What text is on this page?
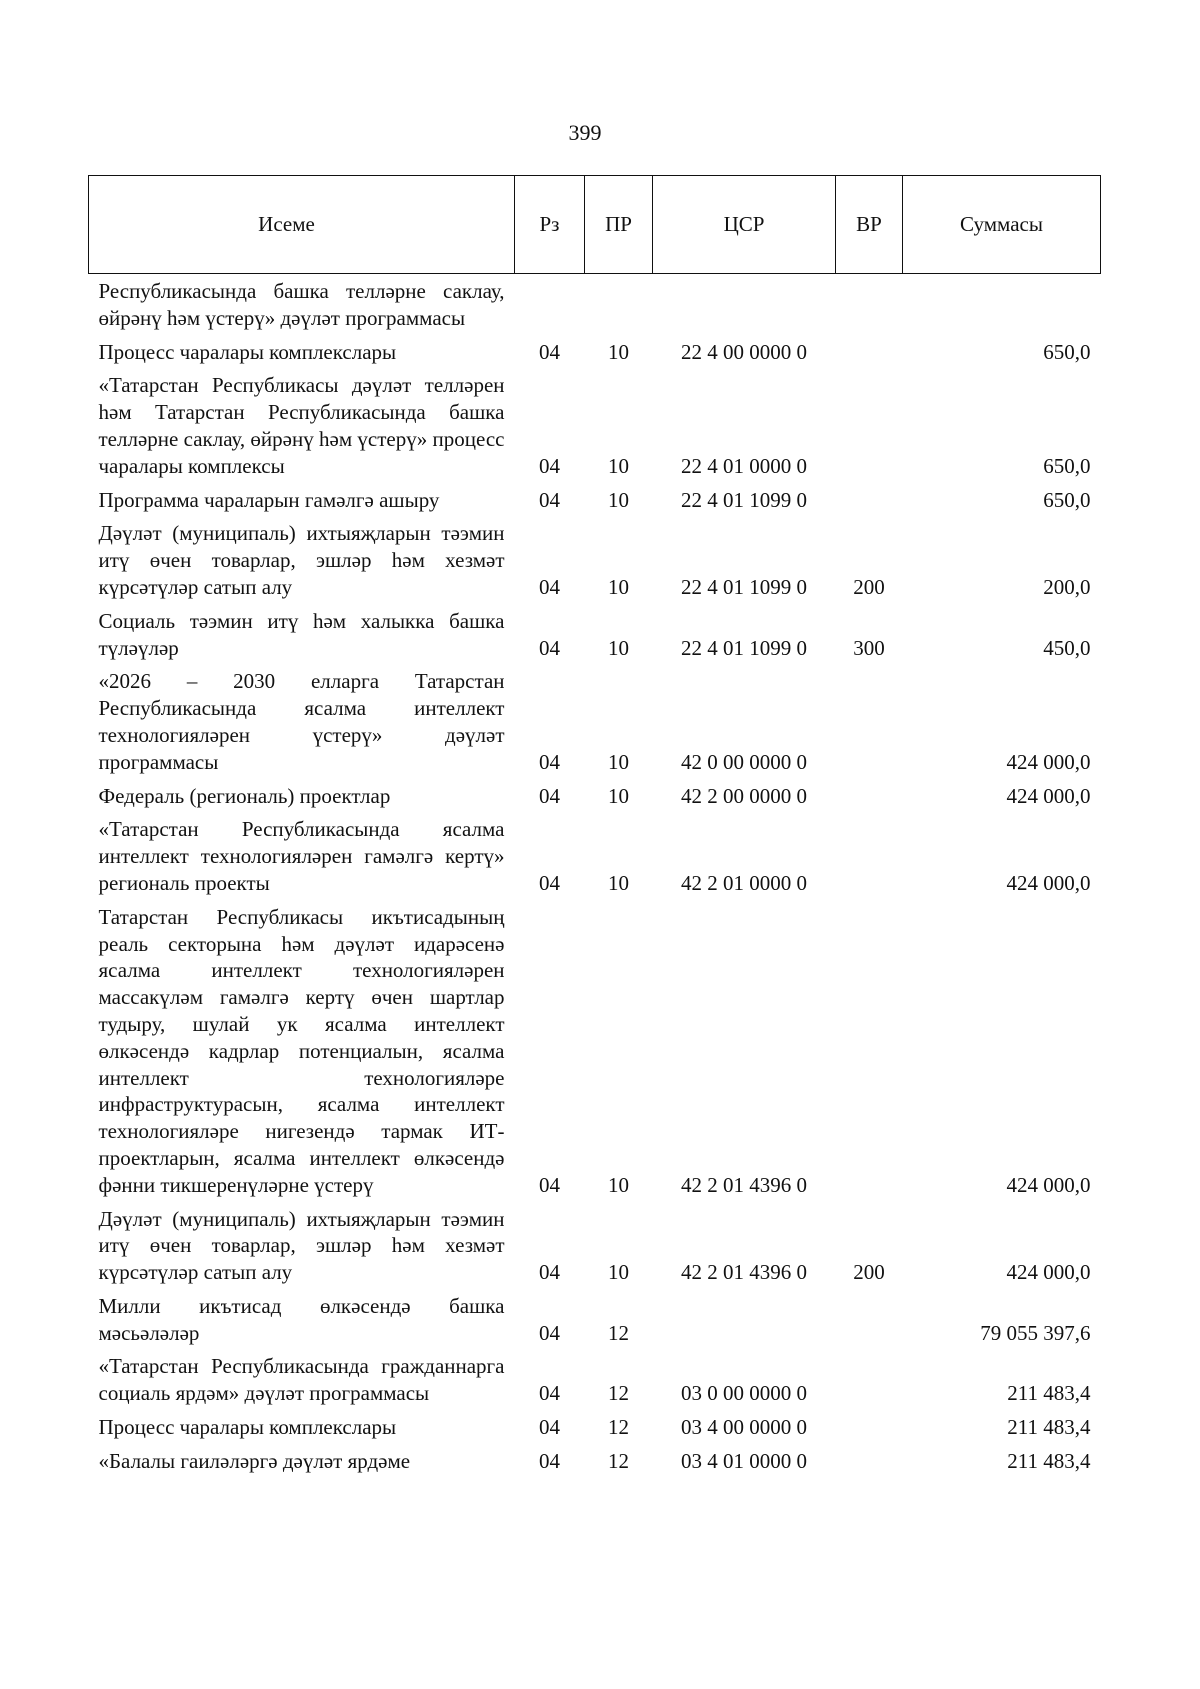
399
Исеме	Рз	ПР	ЦСР	ВР	Суммасы
Республикасында башка телләрне саклау, өйрәнү һәм үстерү» дәүләт программасы					
Процесс чаралары комплекслары	04	10	22 4 00 0000 0		650,0
«Татарстан Республикасы дәүләт телләрен һәм Татарстан Республикасында башка телләрне саклау, өйрәнү һәм үстерү» процесс чаралары комплексы	04	10	22 4 01 0000 0		650,0
Программа чараларын гамәлгә ашыру	04	10	22 4 01 1099 0		650,0
Дәүләт (муниципаль) ихтыяҗларын тәэмин итү өчен товарлар, эшләр һәм хезмәт күрсәтүләр сатып алу	04	10	22 4 01 1099 0	200	200,0
Социаль тәэмин итү һәм халыкка башка түләүләр	04	10	22 4 01 1099 0	300	450,0
«2026 – 2030 елларга Татарстан Республикасында ясалма интеллект технологияләрен үстерү» дәүләт программасы	04	10	42 0 00 0000 0		424 000,0
Федераль (региональ) проектлар	04	10	42 2 00 0000 0		424 000,0
«Татарстан Республикасында ясалма интеллект технологияләрен гамәлгә кертү» региональ проекты	04	10	42 2 01 0000 0		424 000,0
Татарстан Республикасы икътисадының реаль секторына һәм дәүләт идарәсенә ясалма интеллект технологияләрен массакүләм гамәлгә кертү өчен шартлар тудыру, шулай ук ясалма интеллект өлкәсендә кадрлар потенциалын, ясалма интеллект технологияләре инфраструктурасын, ясалма интеллект технологияләре нигезендә тармак ИТ-проектларын, ясалма интеллект өлкәсендә фәнни тикшеренүләрне үстерү	04	10	42 2 01 4396 0		424 000,0
Дәүләт (муниципаль) ихтыяҗларын тәэмин итү өчен товарлар, эшләр һәм хезмәт күрсәтүләр сатып алу	04	10	42 2 01 4396 0	200	424 000,0
Милли икътисад өлкәсендә башка мәсьәләләр	04	12			79 055 397,6
«Татарстан Республикасында гражданнарга социаль ярдәм» дәүләт программасы	04	12	03 0 00 0000 0		211 483,4
Процесс чаралары комплекслары	04	12	03 4 00 0000 0		211 483,4
«Балалы гаиләләргә дәүләт ярдәме	04	12	03 4 01 0000 0		211 483,4
